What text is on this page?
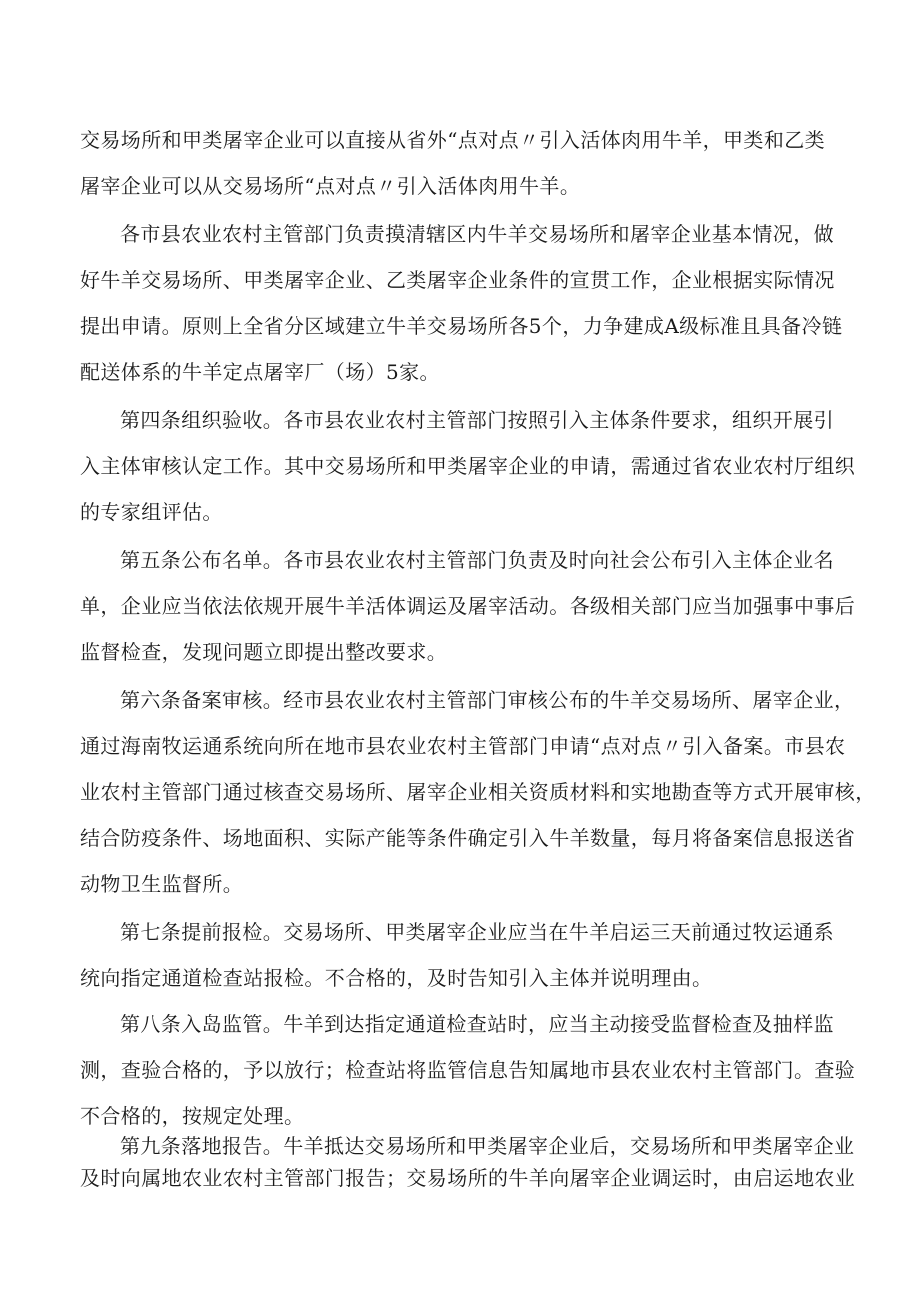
交易场所和甲类屠宰企业可以直接从省外“点对点〃引入活体肉用牛羊，甲类和乙类
屠宰企业可以从交易场所“点对点〃引入活体肉用牛羊。
各市县农业农村主管部门负责摸清辖区内牛羊交易场所和屠宰企业基本情况，做
好牛羊交易场所、甲类屠宰企业、乙类屠宰企业条件的宣贯工作，企业根据实际情况
提出申请。原则上全省分区域建立牛羊交易场所各5个，力争建成A级标准且具备冷链
配送体系的牛羊定点屠宰厂（场）5家。
第四条组织验收。各市县农业农村主管部门按照引入主体条件要求，组织开展引
入主体审核认定工作。其中交易场所和甲类屠宰企业的申请，需通过省农业农村厅组织
的专家组评估。
第五条公布名单。各市县农业农村主管部门负责及时向社会公布引入主体企业名
单，企业应当依法依规开展牛羊活体调运及屠宰活动。各级相关部门应当加强事中事后
监督检查，发现问题立即提出整改要求。
第六条备案审核。经市县农业农村主管部门审核公布的牛羊交易场所、屠宰企业，
通过海南牧运通系统向所在地市县农业农村主管部门申请“点对点〃引入备案。市县农
业农村主管部门通过核查交易场所、屠宰企业相关资质材料和实地勘查等方式开展审核，
结合防疫条件、场地面积、实际产能等条件确定引入牛羊数量，每月将备案信息报送省
动物卫生监督所。
第七条提前报检。交易场所、甲类屠宰企业应当在牛羊启运三天前通过牧运通系
统向指定通道检查站报检。不合格的，及时告知引入主体并说明理由。
第八条入岛监管。牛羊到达指定通道检查站时，应当主动接受监督检查及抽样监
测，查验合格的，予以放行；检查站将监管信息告知属地市县农业农村主管部门。查验
不合格的，按规定处理。
第九条落地报告。牛羊抵达交易场所和甲类屠宰企业后，交易场所和甲类屠宰企业
及时向属地农业农村主管部门报告；交易场所的牛羊向屠宰企业调运时，由启运地农业
